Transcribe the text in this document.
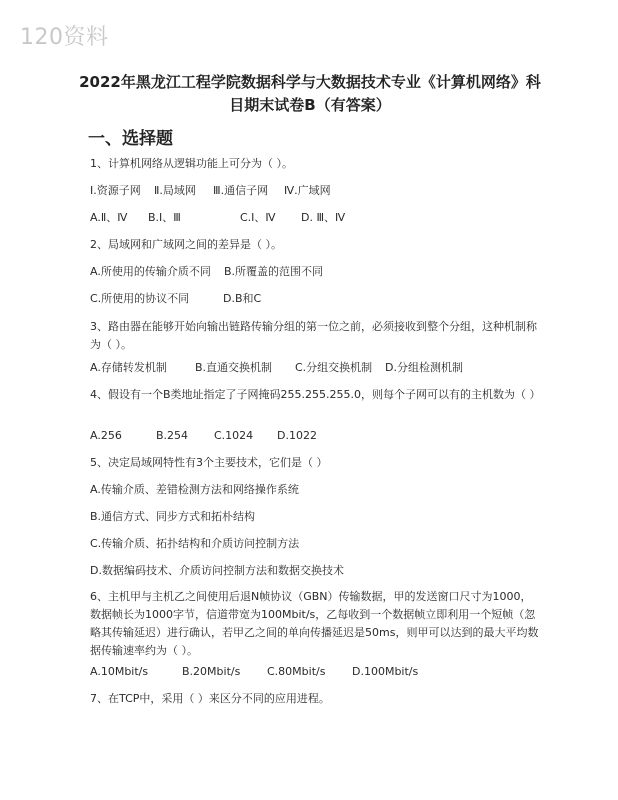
120资料
2022年黑龙江工程学院数据科学与大数据技术专业《计算机网络》科
目期末试卷B（有答案）
一、选择题
1、计算机网络从逻辑功能上可分为（ ）。
I.资源子网 Ⅱ.局域网 Ⅲ.通信子网 Ⅳ.广域网
A.Ⅱ、Ⅳ B.I、Ⅲ	C.I、Ⅳ D. Ⅲ、Ⅳ
2、局域网和广域网之间的差异是（ ）。
A.所使用的传输介质不同 B.所覆盖的范围不同
C.所使用的协议不同	D.B和C
3、路由器在能够开始向输出链路传输分组的第一位之前，必须接收到整个分组，这种机制称为（ ）。
A.存储转发机制	B.直通交换机制 C.分组交换机制 D.分组检测机制
4、假设有一个B类地址指定了子网掩码255.255.255.0，则每个子网可以有的主机数为（ ）
A.256	B.254 C.1024 D.1022
5、决定局域网特性有3个主要技术，它们是（ ）
A.传输介质、差错检测方法和网络操作系统
B.通信方式、同步方式和拓朴结构
C.传输介质、拓扑结构和介质访问控制方法
D.数据编码技术、介质访问控制方法和数据交换技术
6、主机甲与主机乙之间使用后退N帧协议（GBN）传输数据，甲的发送窗口尺寸为1000，数据帧长为1000字节，信道带宽为100Mbit/s，乙每收到一个数据帧立即利用一个短帧（忽略其传输延迟）进行确认，若甲乙之间的单向传播延迟是50ms，则甲可以达到的最大平均数据传输速率约为（ ）。
A.10Mbit/s	B.20Mbit/s C.80Mbit/s D.100Mbit/s
7、在TCP中，采用（ ）来区分不同的应用进程。
